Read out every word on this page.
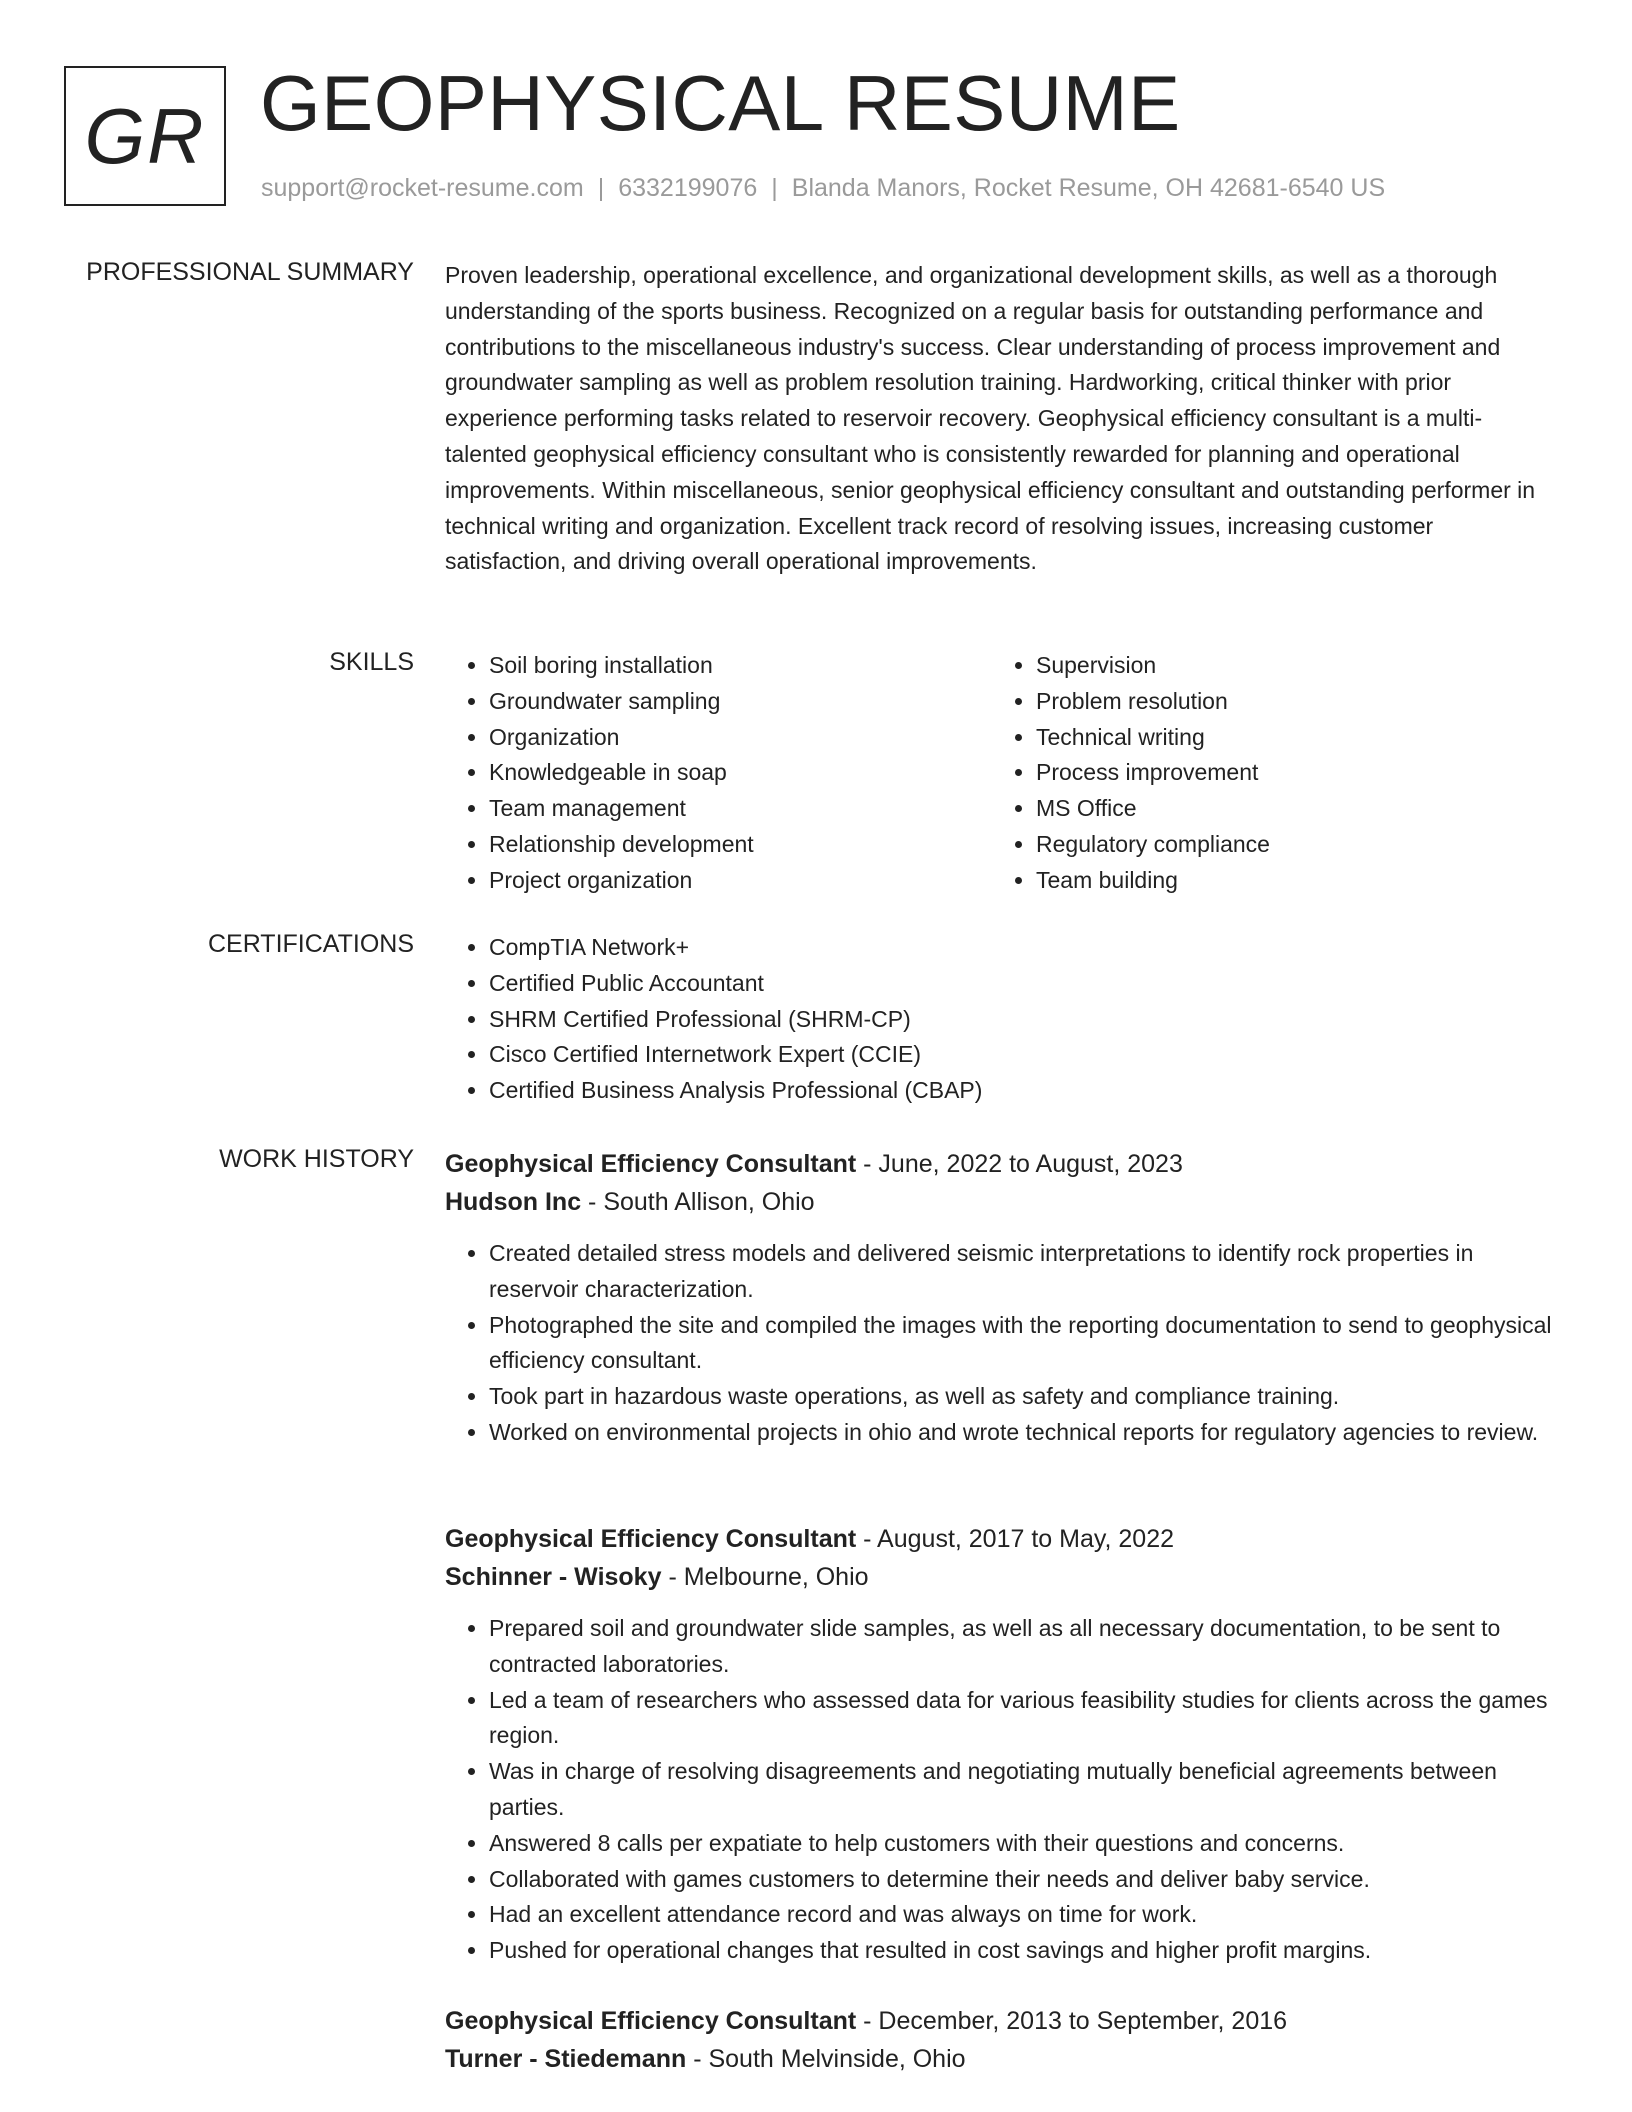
GR GEOPHYSICAL RESUME
support@rocket-resume.com | 6332199076 | Blanda Manors, Rocket Resume, OH 42681-6540 US
PROFESSIONAL SUMMARY Proven leadership, operational excellence, and organizational development skills, as well as a thorough understanding of the sports business. Recognized on a regular basis for outstanding performance and contributions to the miscellaneous industry's success. Clear understanding of process improvement and groundwater sampling as well as problem resolution training. Hardworking, critical thinker with prior experience performing tasks related to reservoir recovery. Geophysical efficiency consultant is a multi-talented geophysical efficiency consultant who is consistently rewarded for planning and operational improvements. Within miscellaneous, senior geophysical efficiency consultant and outstanding performer in technical writing and organization. Excellent track record of resolving issues, increasing customer satisfaction, and driving overall operational improvements.

SKILLS	• Soil boring installation
• Groundwater sampling
• Organization
• Knowledgeable in soap
• Team management
• Relationship development
• Project organization
• Supervision
• Problem resolution
• Technical writing
• Process improvement
• MS Office
• Regulatory compliance
• Team building
CERTIFICATIONS	• CompTIA Network+
• Certified Public Accountant
• SHRM Certified Professional (SHRM-CP)
• Cisco Certified Internetwork Expert (CCIE)
• Certified Business Analysis Professional (CBAP)
WORK HISTORY Geophysical Efficiency Consultant - June, 2022 to August, 2023
Hudson Inc - South Allison, Ohio
• Created detailed stress models and delivered seismic interpretations to identify rock properties in reservoir characterization.
• Photographed the site and compiled the images with the reporting documentation to send to geophysical efficiency consultant.
• Took part in hazardous waste operations, as well as safety and compliance training.
• Worked on environmental projects in ohio and wrote technical reports for regulatory agencies to review.
Geophysical Efficiency Consultant - August, 2017 to May, 2022
Schinner - Wisoky - Melbourne, Ohio
• Prepared soil and groundwater slide samples, as well as all necessary documentation, to be sent to contracted laboratories.
• Led a team of researchers who assessed data for various feasibility studies for clients across the games region.
• Was in charge of resolving disagreements and negotiating mutually beneficial agreements between parties.
• Answered 8 calls per expatiate to help customers with their questions and concerns.
• Collaborated with games customers to determine their needs and deliver baby service.
• Had an excellent attendance record and was always on time for work.
• Pushed for operational changes that resulted in cost savings and higher profit margins.
Geophysical Efficiency Consultant - December, 2013 to September, 2016
Turner - Stiedemann - South Melvinside, Ohio
